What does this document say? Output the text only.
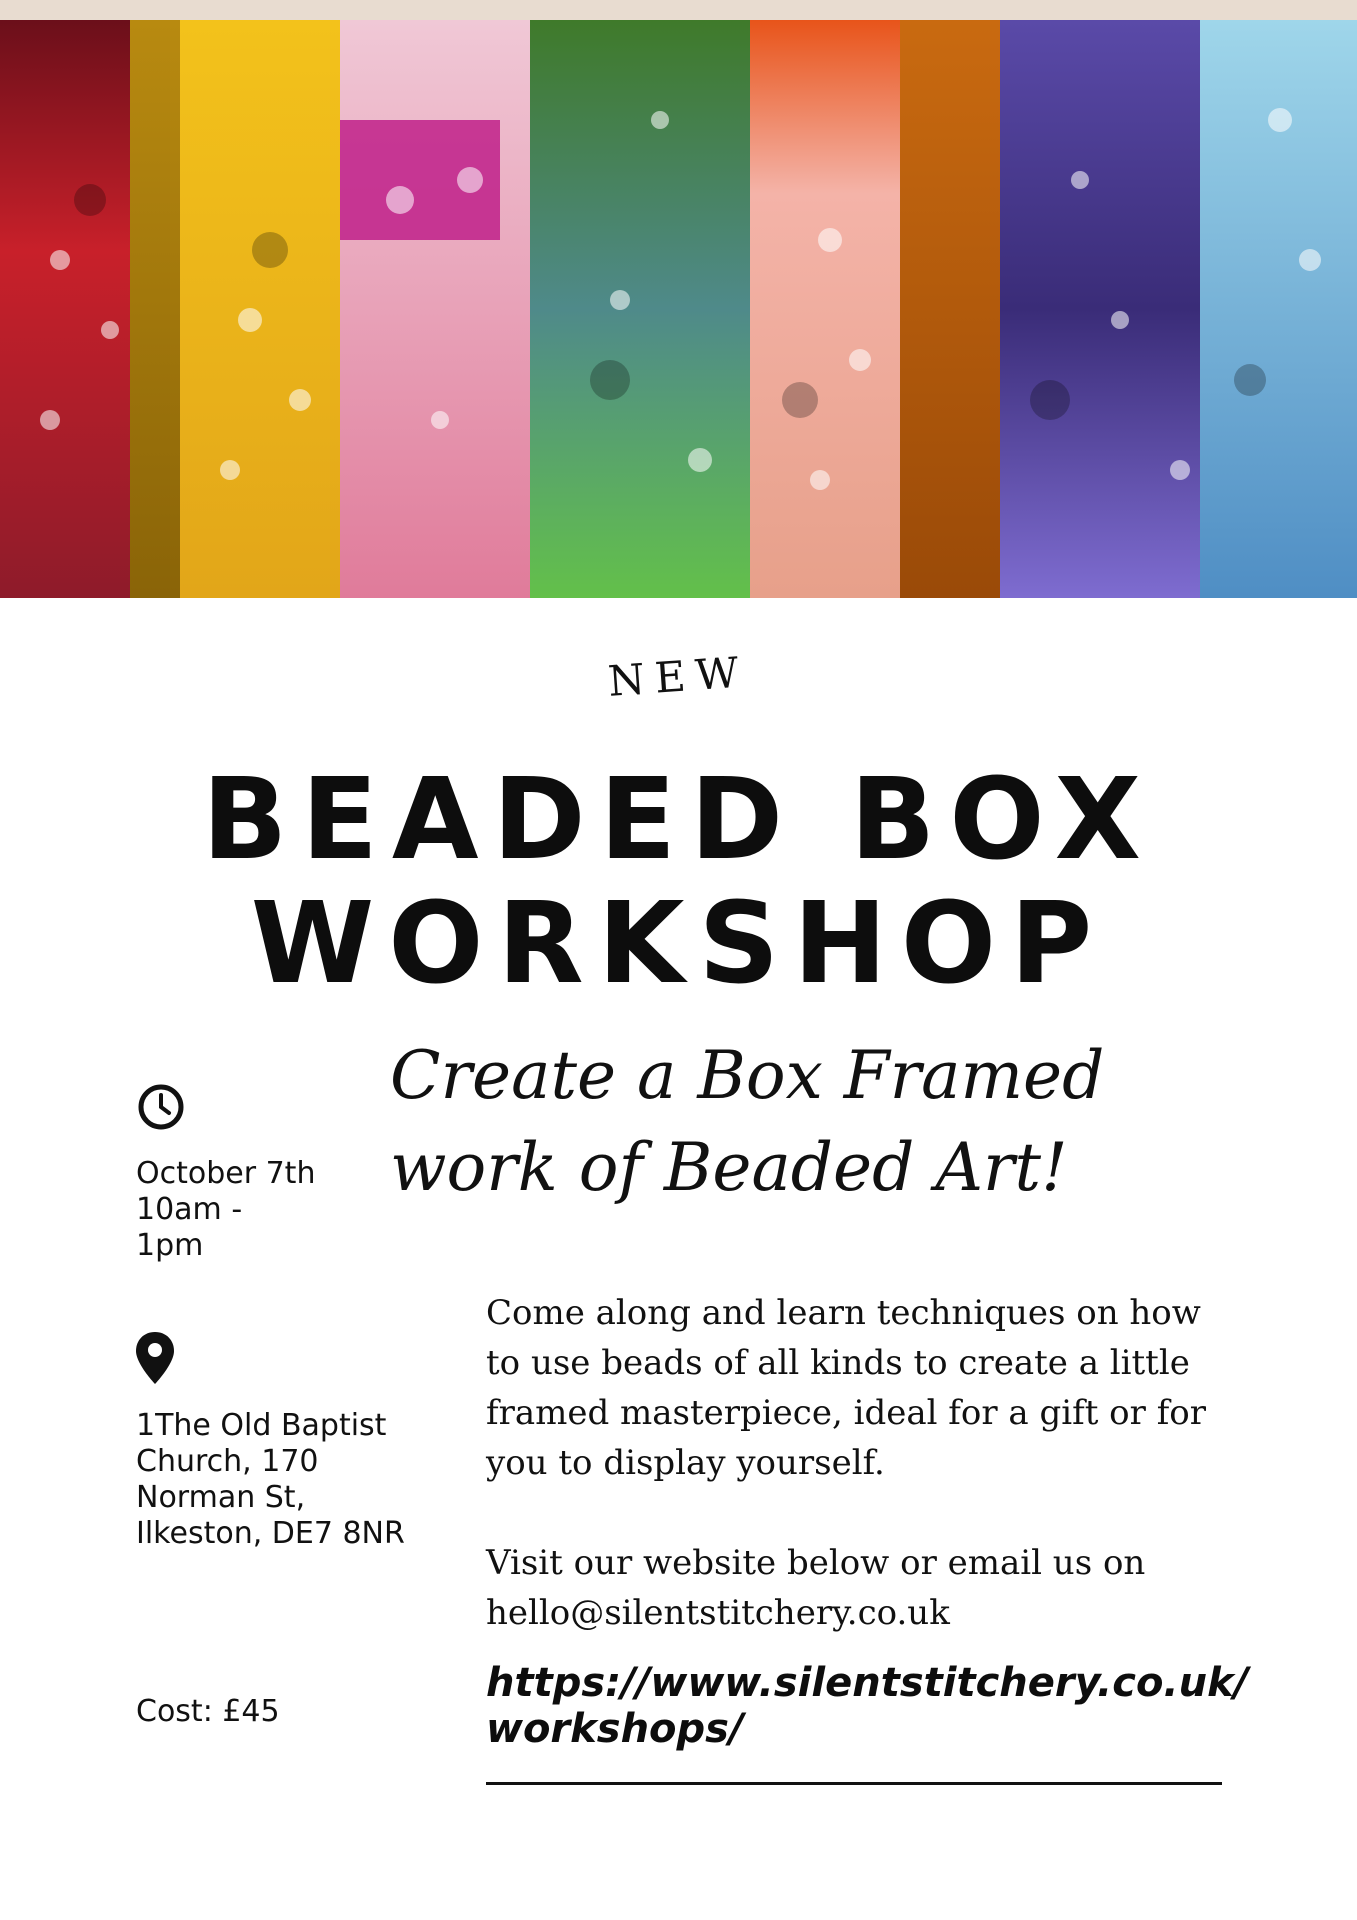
NEW
BEADED BOX
WORKSHOP
Create a Box Framed
work of Beaded Art!
October 7th
10am -
1pm
1The Old Baptist
Church, 170
Norman St,
Ilkeston, DE7 8NR
Cost: £45
Come along and learn techniques on how to use beads of all kinds to create a little framed masterpiece, ideal for a gift or for you to display yourself.
Visit our website below or email us on hello@silentstitchery.co.uk
https://www.silentstitchery.co.uk/
workshops/
